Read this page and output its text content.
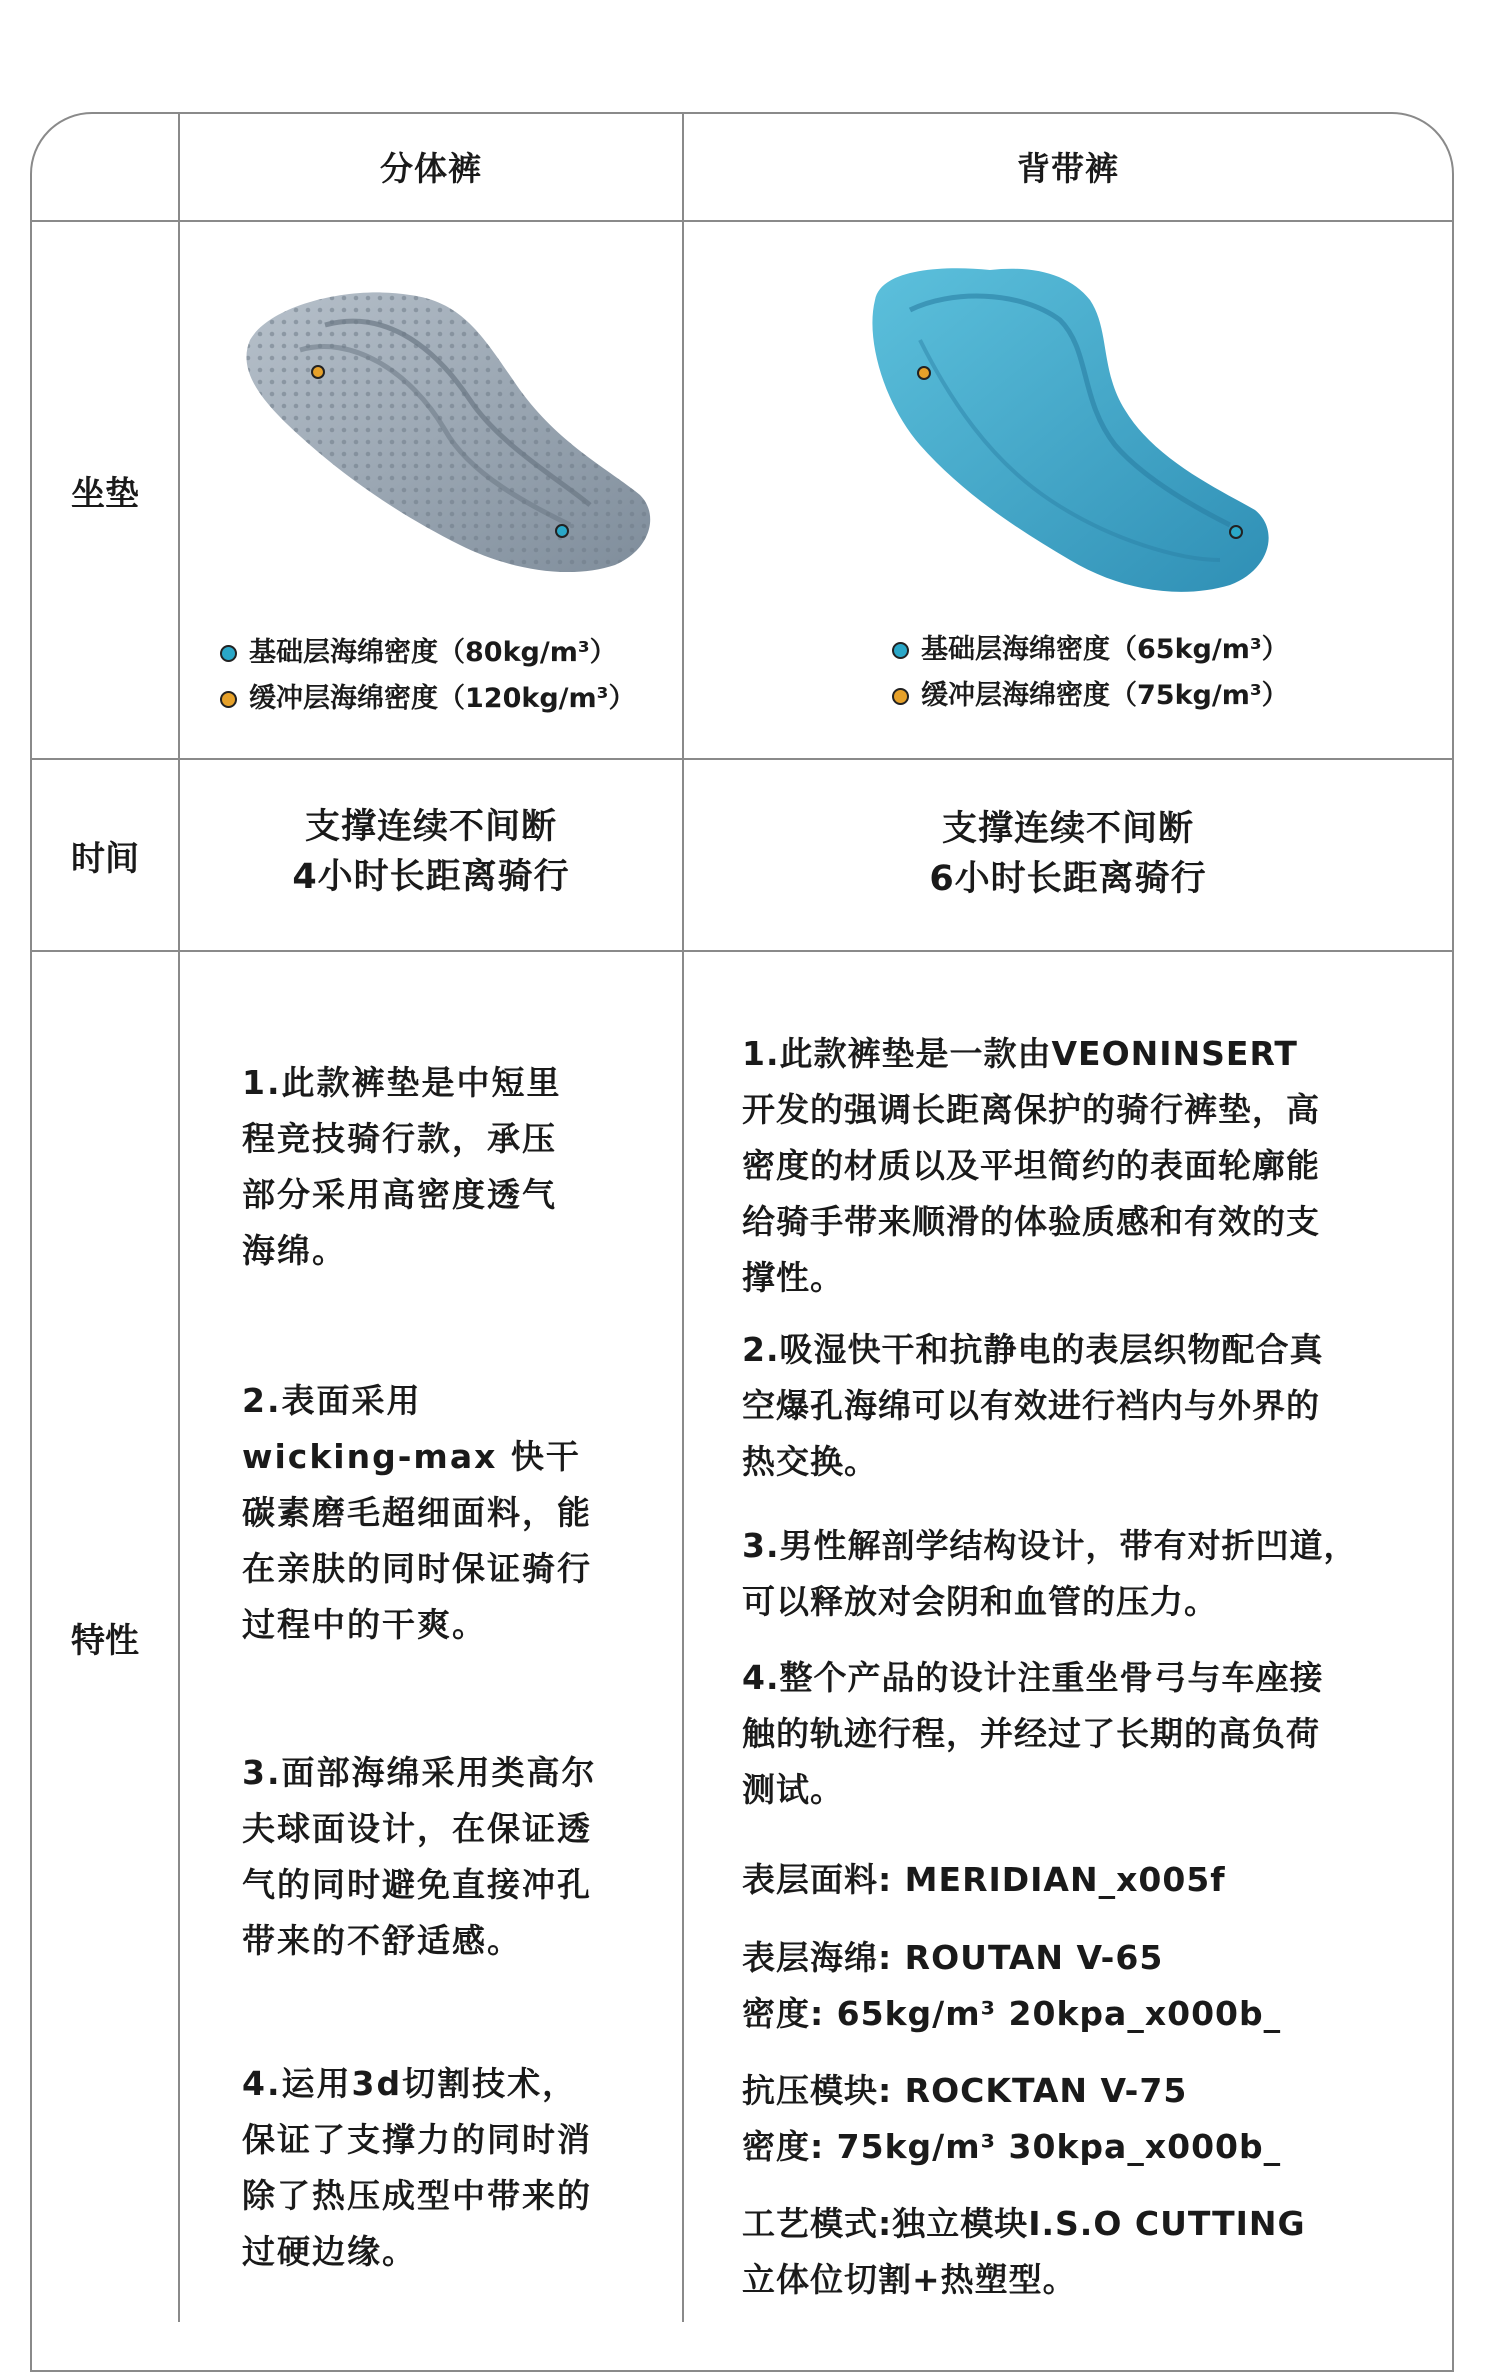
分体裤	背带裤
坐垫
时间
特性
基础层海绵密度（80kg/m³）
缓冲层海绵密度（120kg/m³）
基础层海绵密度（65kg/m³）
缓冲层海绵密度（75kg/m³）
支撑连续不间断
4小时长距离骑行
支撑连续不间断
6小时长距离骑行
1.此款裤垫是中短里
程竞技骑行款，承压
部分采用高密度透气
海绵。
2.表面采用
wicking-max 快干
碳素磨毛超细面料，能
在亲肤的同时保证骑行
过程中的干爽。
3.面部海绵采用类高尔
夫球面设计，在保证透
气的同时避免直接冲孔
带来的不舒适感。
4.运用3d切割技术，
保证了支撑力的同时消
除了热压成型中带来的
过硬边缘。
1.此款裤垫是一款由VEONINSERT
开发的强调长距离保护的骑行裤垫，高
密度的材质以及平坦简约的表面轮廓能
给骑手带来顺滑的体验质感和有效的支
撑性。
2.吸湿快干和抗静电的表层织物配合真
空爆孔海绵可以有效进行裆内与外界的
热交换。
3.男性解剖学结构设计，带有对折凹道，
可以释放对会阴和血管的压力。
4.整个产品的设计注重坐骨弓与车座接
触的轨迹行程，并经过了长期的高负荷
测试。
表层面料: MERIDIAN_x005f
表层海绵: ROUTAN V-65
密度: 65kg/m³ 20kpa_x000b_
抗压模块: ROCKTAN V-75
密度: 75kg/m³ 30kpa_x000b_
工艺模式:独立模块I.S.O CUTTING
立体位切割+热塑型。
